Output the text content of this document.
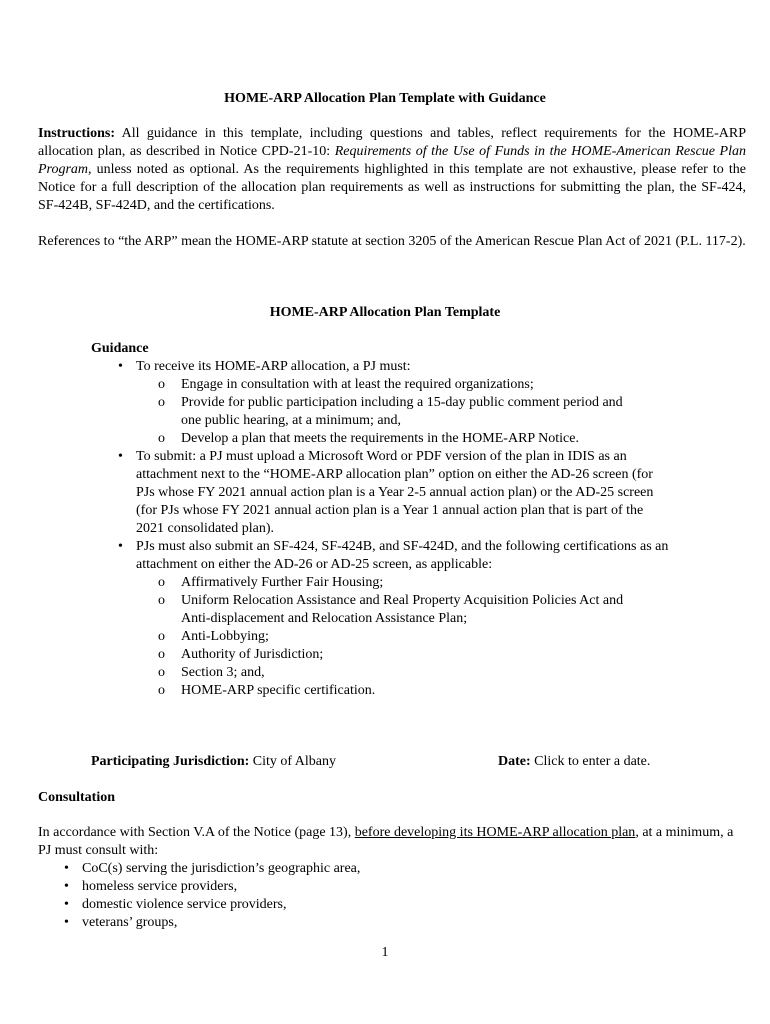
HOME-ARP Allocation Plan Template with Guidance

Instructions: All guidance in this template, including questions and tables, reflect requirements for the HOME-ARP allocation plan, as described in Notice CPD-21-10: Requirements of the Use of Funds in the HOME-American Rescue Plan Program, unless noted as optional. As the requirements highlighted in this template are not exhaustive, please refer to the Notice for a full description of the allocation plan requirements as well as instructions for submitting the plan, the SF-424, SF-424B, SF-424D, and the certifications.

References to “the ARP” mean the HOME-ARP statute at section 3205 of the American Rescue Plan Act of 2021 (P.L. 117-2).

HOME-ARP Allocation Plan Template
Guidance
• To receive its HOME-ARP allocation, a PJ must:
o Engage in consultation with at least the required organizations;
o Provide for public participation including a 15-day public comment period and one public hearing, at a minimum; and,
o Develop a plan that meets the requirements in the HOME-ARP Notice.
• To submit: a PJ must upload a Microsoft Word or PDF version of the plan in IDIS as an attachment next to the “HOME-ARP allocation plan” option on either the AD-26 screen (for PJs whose FY 2021 annual action plan is a Year 2-5 annual action plan) or the AD-25 screen (for PJs whose FY 2021 annual action plan is a Year 1 annual action plan that is part of the 2021 consolidated plan).
• PJs must also submit an SF-424, SF-424B, and SF-424D, and the following certifications as an attachment on either the AD-26 or AD-25 screen, as applicable:
o Affirmatively Further Fair Housing;
o Uniform Relocation Assistance and Real Property Acquisition Policies Act and Anti-displacement and Relocation Assistance Plan;
o Anti-Lobbying;
o Authority of Jurisdiction;
o Section 3; and,
o HOME-ARP specific certification.
Participating Jurisdiction: City of Albany	Date: Click to enter a date.
Consultation

In accordance with Section V.A of the Notice (page 13), before developing its HOME-ARP allocation plan, at a minimum, a PJ must consult with:

• CoC(s) serving the jurisdiction’s geographic area,
• homeless service providers,
• domestic violence service providers,
• veterans’ groups,
1
